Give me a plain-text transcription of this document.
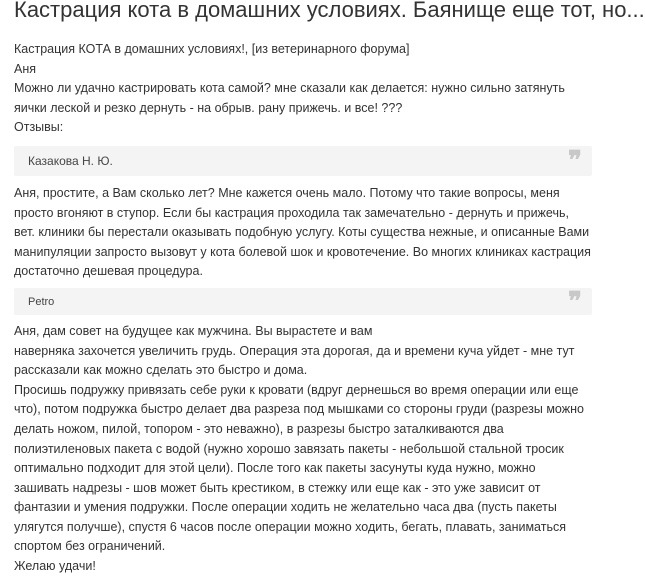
Кастрация кота в домашних условиях. Баянище еще тот, но...

Кастрация КОТА в домашних условиях!, [из ветеринарного форума]

Аня

Можно ли удачно кастрировать кота самой? мне сказали как делается: нужно сильно затянуть яички леской и резко дернуть - на обрыв. рану прижечь. и все! ???

Отзывы:

Казакова Н. Ю.	❞

Аня, простите, а Вам сколько лет? Мне кажется очень мало. Потому что такие вопросы, меня просто вгоняют в ступор. Если бы кастрация проходила так замечательно - дернуть и прижечь, вет. клиники бы перестали оказывать подобную услугу. Коты существа нежные, и описанные Вами манипуляции запросто вызовут у кота болевой шок и кровотечение. Во многих клиниках кастрация достаточно дешевая процедура.

Petro	❞

Аня, дам совет на будущее как мужчина. Вы вырастете и вам
наверняка захочется увеличить грудь. Операция эта дорогая, да и времени куча уйдет - мне тут рассказали как можно сделать это быстро и дома.
Просишь подружку привязать себе руки к кровати (вдруг дернешься во время операции или еще что), потом подружка быстро делает два разреза под мышками со стороны груди (разрезы можно делать ножом, пилой, топором - это неважно), в разрезы быстро заталкиваются два полиэтиленовых пакета с водой (нужно хорошо завязать пакеты - небольшой стальной тросик оптимально подходит для этой цели). После того как пакеты засунуты куда нужно, можно зашивать надрезы - шов может быть крестиком, в стежку или еще как - это уже зависит от фантазии и умения подружки. После операции ходить не желательно часа два (пусть пакеты улягутся получше), спустя 6 часов после операции можно ходить, бегать, плавать, заниматься спортом без ограничений.
Желаю удачи!
